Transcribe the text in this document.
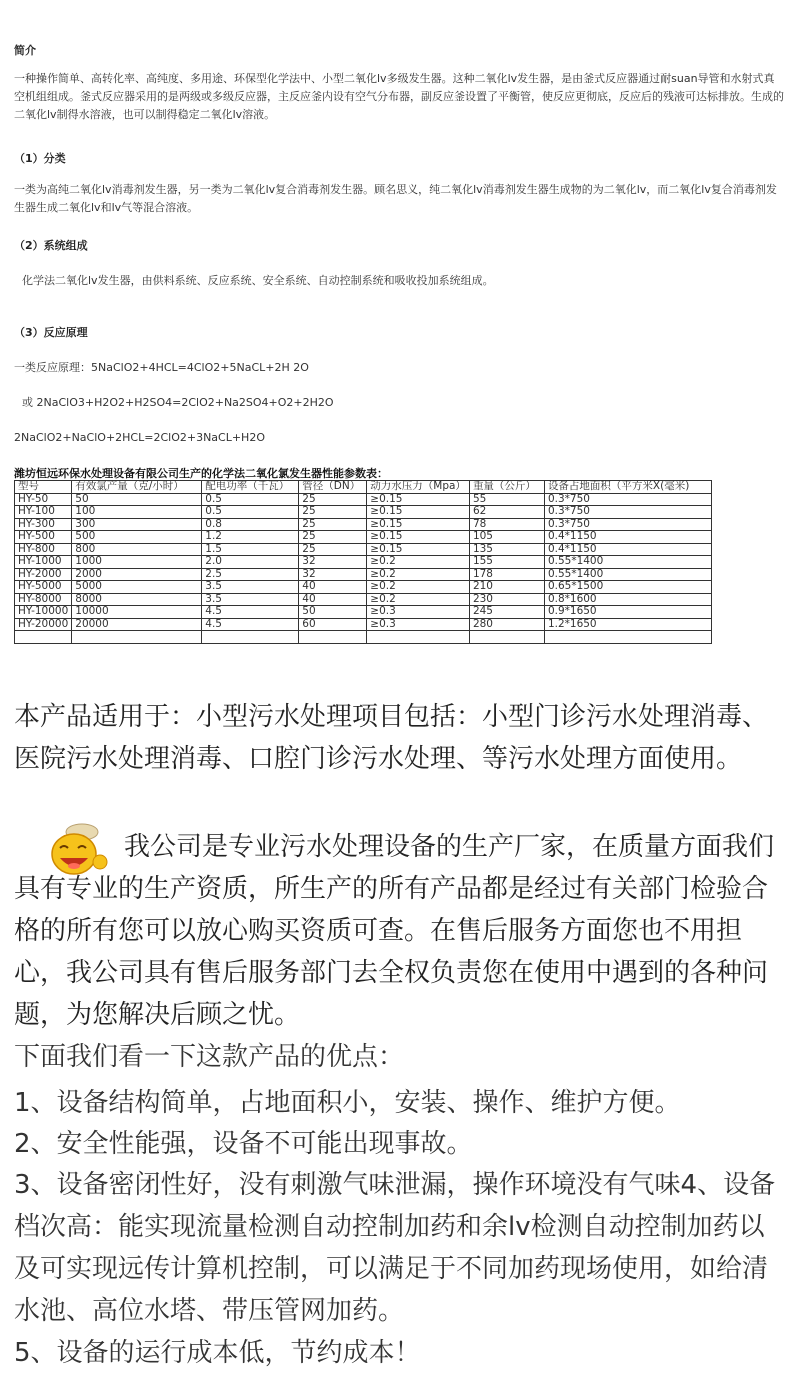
简介
一种操作简单、高转化率、高纯度、多用途、环保型化学法中、小型二氧化lv多级发生器。这种二氧化lv发生器，是由釜式反应器通过耐suan导管和水射式真空机组组成。釜式反应器采用的是两级或多级反应器，主反应釜内设有空气分布器，副反应釜设置了平衡管，使反应更彻底，反应后的残液可达标排放。生成的二氧化lv制得水溶液，也可以制得稳定二氧化lv溶液。
（1）分类
一类为高纯二氧化lv消毒剂发生器，另一类为二氧化lv复合消毒剂发生器。顾名思义，纯二氧化lv消毒剂发生器生成物的为二氧化lv，而二氧化lv复合消毒剂发生器生成二氧化lv和lv气等混合溶液。
（2）系统组成
化学法二氧化lv发生器，由供料系统、反应系统、安全系统、自动控制系统和吸收投加系统组成。
（3）反应原理
一类反应原理：5NaClO2+4HCL=4ClO2+5NaCL+2H 2O
或 2NaClO3+H2O2+H2SO4=2ClO2+Na2SO4+O2+2H2O
2NaClO2+NaClO+2HCL=2ClO2+3NaCL+H2O
潍坊恒远环保水处理设备有限公司生产的化学法二氧化氯发生器性能参数表：
型号	有效氯产量（克/小时）	配电功率（千瓦）	管径（DN）	动力水压力（Mpa）	重量（公斤）	设备占地面积（平方米X(毫米)
HY-50	50	0.5	25	≥0.15	55	0.3*750
HY-100	100	0.5	25	≥0.15	62	0.3*750
HY-300	300	0.8	25	≥0.15	78	0.3*750
HY-500	500	1.2	25	≥0.15	105	0.4*1150
HY-800	800	1.5	25	≥0.15	135	0.4*1150
HY-1000	1000	2.0	32	≥0.2	155	0.55*1400
HY-2000	2000	2.5	32	≥0.2	178	0.55*1400
HY-5000	5000	3.5	40	≥0.2	210	0.65*1500
HY-8000	8000	3.5	40	≥0.2	230	0.8*1600
HY-10000	10000	4.5	50	≥0.3	245	0.9*1650
HY-20000	20000	4.5	60	≥0.3	280	1.2*1650

本产品适用于：小型污水处理项目包括：小型门诊污水处理消毒、医院污水处理消毒、口腔门诊污水处理、等污水处理方面使用。
我公司是专业污水处理设备的生产厂家，在质量方面我们具有专业的生产资质，所生产的所有产品都是经过有关部门检验合格的所有您可以放心购买资质可查。在售后服务方面您也不用担心，我公司具有售后服务部门去全权负责您在使用中遇到的各种问题，为您解决后顾之忧。
下面我们看一下这款产品的优点：
1、设备结构简单，占地面积小，安装、操作、维护方便。
2、安全性能强，设备不可能出现事故。
3、设备密闭性好，没有刺激气味泄漏，操作环境没有气味4、设备档次高：能实现流量检测自动控制加药和余lv检测自动控制加药以及可实现远传计算机控制，可以满足于不同加药现场使用，如给清水池、高位水塔、带压管网加药。
5、设备的运行成本低，节约成本！
